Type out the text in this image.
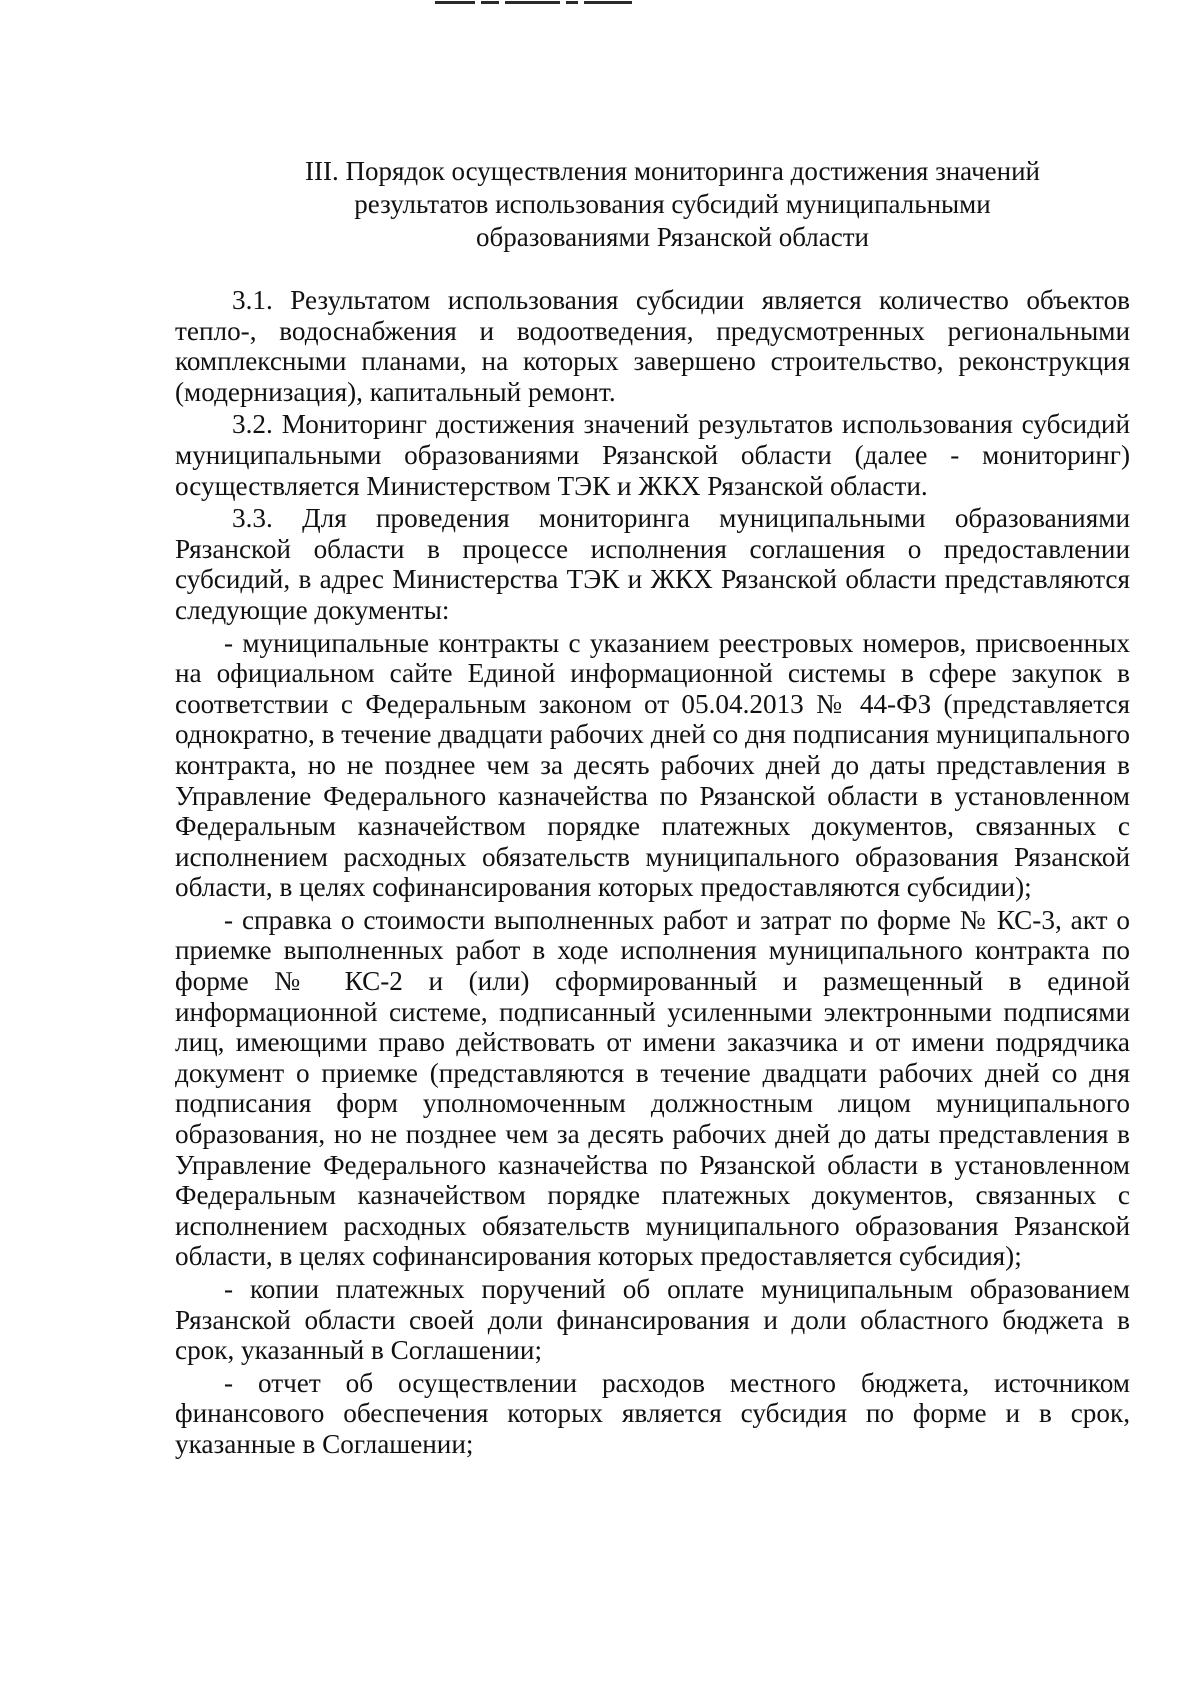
III. Порядок осуществления мониторинга достижения значений
результатов использования субсидий муниципальными
образованиями Рязанской области

3.1. Результатом использования субсидии является количество объектов тепло-, водоснабжения и водоотведения, предусмотренных региональными комплексными планами, на которых завершено строительство, реконструкция (модернизация), капитальный ремонт.

3.2. Мониторинг достижения значений результатов использования субсидий муниципальными образованиями Рязанской области (далее - мониторинг) осуществляется Министерством ТЭК и ЖКХ Рязанской области.

3.3. Для проведения мониторинга муниципальными образованиями Рязанской области в процессе исполнения соглашения о предоставлении субсидий, в адрес Министерства ТЭК и ЖКХ Рязанской области представляются следующие документы:

- муниципальные контракты с указанием реестровых номеров, присвоенных на официальном сайте Единой информационной системы в сфере закупок в соответствии с Федеральным законом от 05.04.2013 № 44-ФЗ (представляется однократно, в течение двадцати рабочих дней со дня подписания муниципального контракта, но не позднее чем за десять рабочих дней до даты представления в Управление Федерального казначейства по Рязанской области в установленном Федеральным казначейством порядке платежных документов, связанных с исполнением расходных обязательств муниципального образования Рязанской области, в целях софинансирования которых предоставляются субсидии);

- справка о стоимости выполненных работ и затрат по форме № КС-3, акт о приемке выполненных работ в ходе исполнения муниципального контракта по форме № КС-2 и (или) сформированный и размещенный в единой информационной системе, подписанный усиленными электронными подписями лиц, имеющими право действовать от имени заказчика и от имени подрядчика документ о приемке (представляются в течение двадцати рабочих дней со дня подписания форм уполномоченным должностным лицом муниципального образования, но не позднее чем за десять рабочих дней до даты представления в Управление Федерального казначейства по Рязанской области в установленном Федеральным казначейством порядке платежных документов, связанных с исполнением расходных обязательств муниципального образования Рязанской области, в целях софинансирования которых предоставляется субсидия);

- копии платежных поручений об оплате муниципальным образованием Рязанской области своей доли финансирования и доли областного бюджета в срок, указанный в Соглашении;

- отчет об осуществлении расходов местного бюджета, источником финансового обеспечения которых является субсидия по форме и в срок, указанные в Соглашении;
